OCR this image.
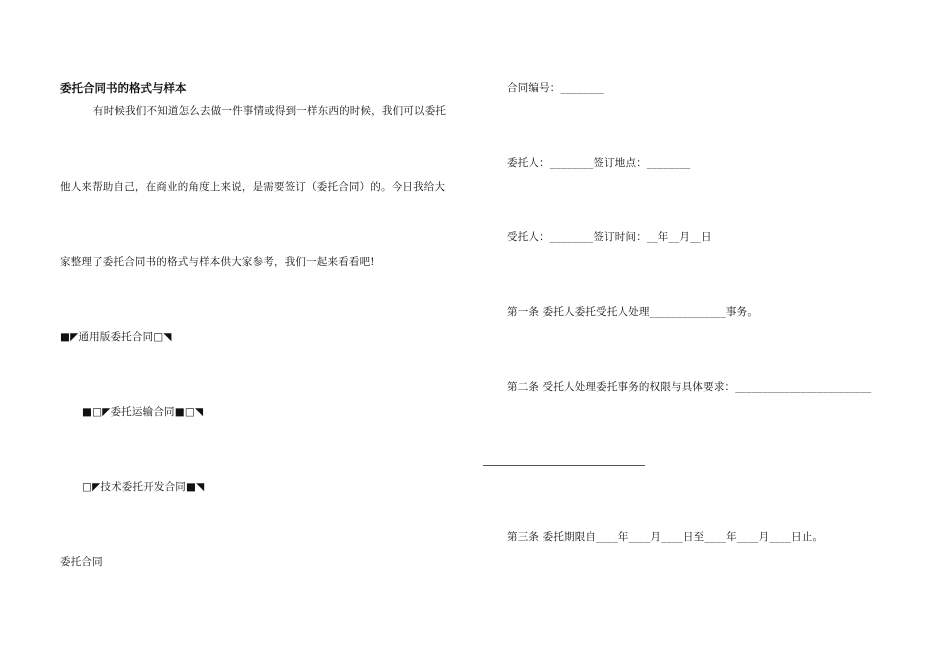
委托合同书的格式与样本
有时候我们不知道怎么去做一件事情或得到一样东西的时候，我们可以委托
他人来帮助自己，在商业的角度上来说，是需要签订（委托合同）的。今日我给大
家整理了委托合同书的格式与样本供大家参考，我们一起来看看吧!
■◤通用版委托合同□◥
■□◤委托运输合同■□◥
□◤技术委托开发合同■◥
委托合同
合同编号：________
委托人：________签订地点：________
受托人：________签订时间：__年__月__日
第一条 委托人委托受托人处理______________事务。
第二条 受托人处理委托事务的权限与具体要求：_________________________
第三条 委托期限自____年____月____日至____年____月____日止。
